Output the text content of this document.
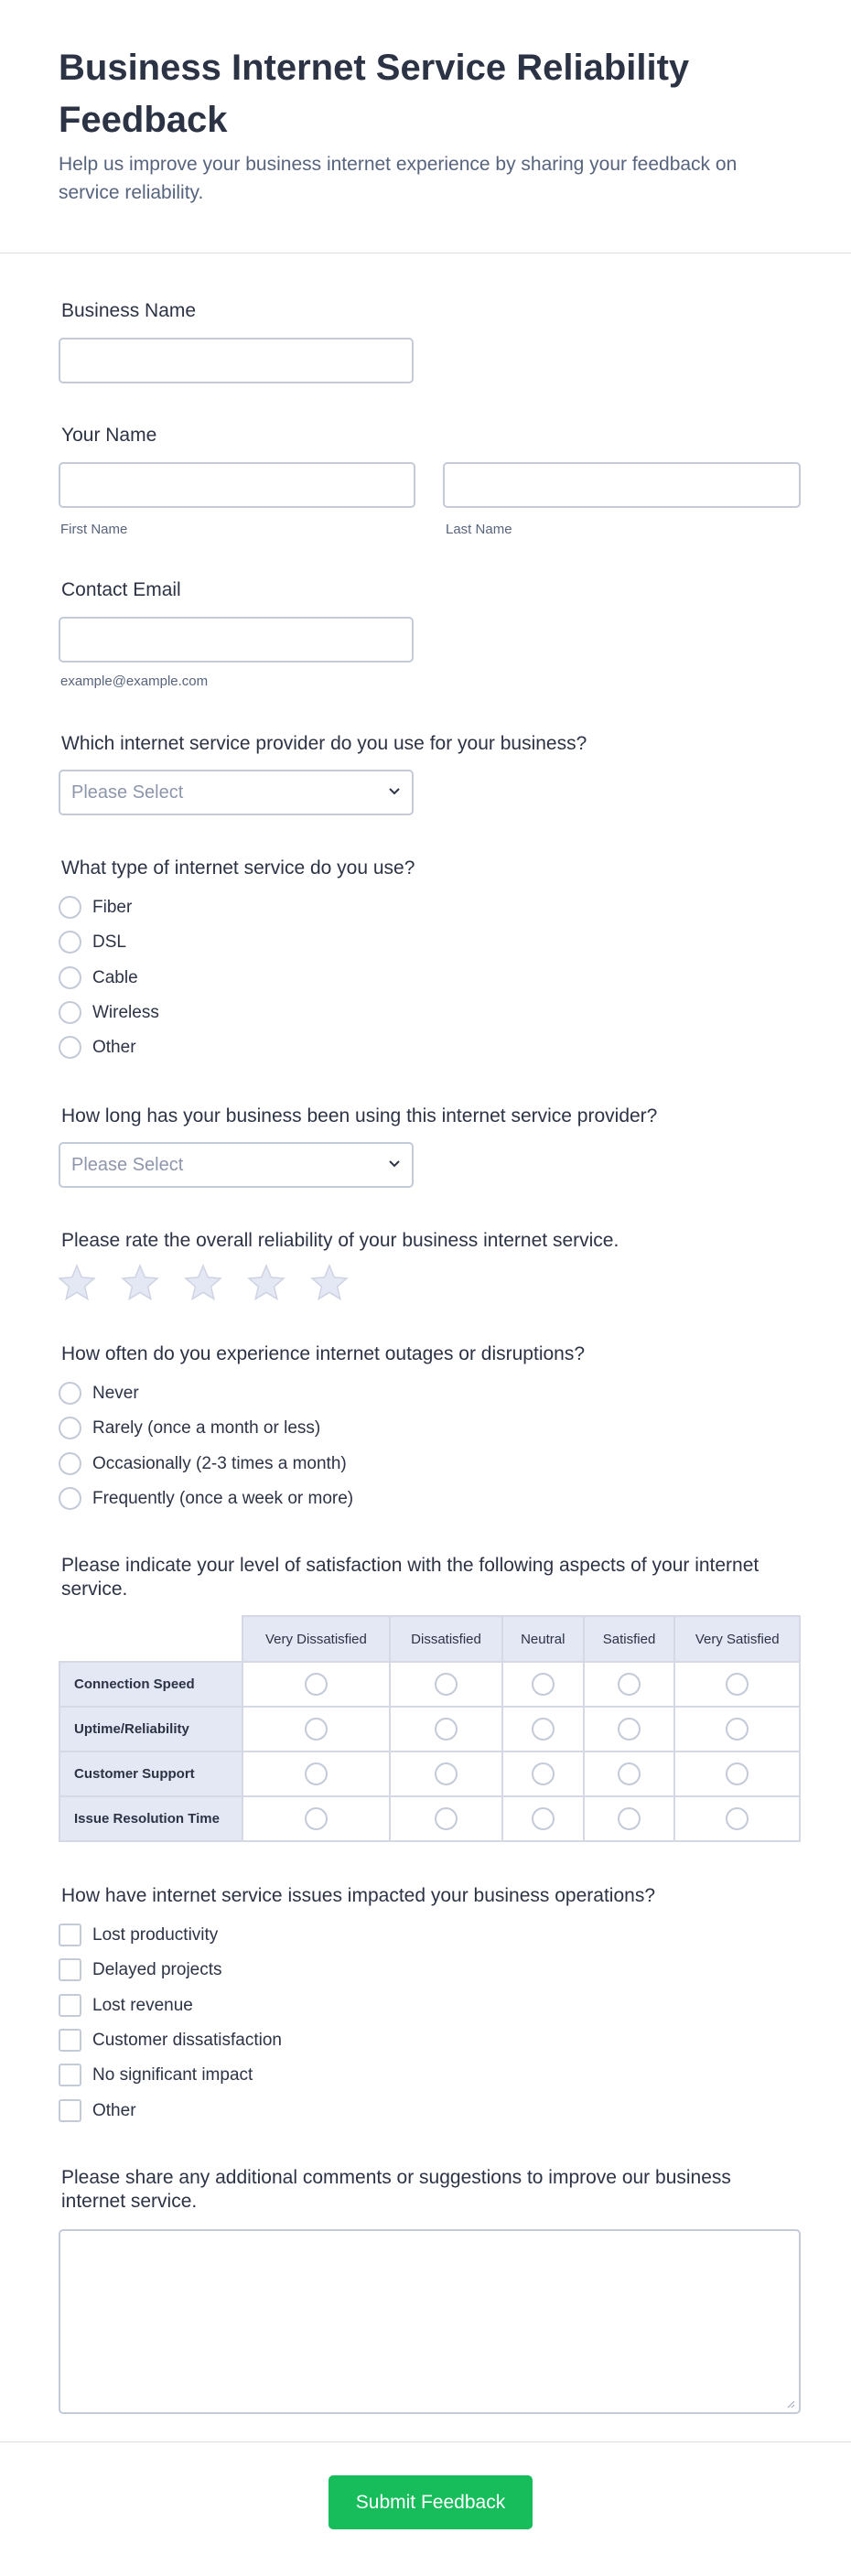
Business Internet Service Reliability Feedback
Help us improve your business internet experience by sharing your feedback on service reliability.
Business Name
Your Name
First Name	Last Name
Contact Email
example@example.com
Which internet service provider do you use for your business?
Please Select
What type of internet service do you use?
Fiber
DSL
Cable
Wireless
Other
How long has your business been using this internet service provider?
Please Select
Please rate the overall reliability of your business internet service.
How often do you experience internet outages or disruptions?
Never
Rarely (once a month or less)
Occasionally (2-3 times a month)
Frequently (once a week or more)
Please indicate your level of satisfaction with the following aspects of your internet service.
	Very Dissatisfied	Dissatisfied	Neutral	Satisfied	Very Satisfied
Connection Speed					
Uptime/Reliability					
Customer Support					
Issue Resolution Time					
How have internet service issues impacted your business operations?
Lost productivity
Delayed projects
Lost revenue
Customer dissatisfaction
No significant impact
Other
Please share any additional comments or suggestions to improve our business internet service.
Submit Feedback
